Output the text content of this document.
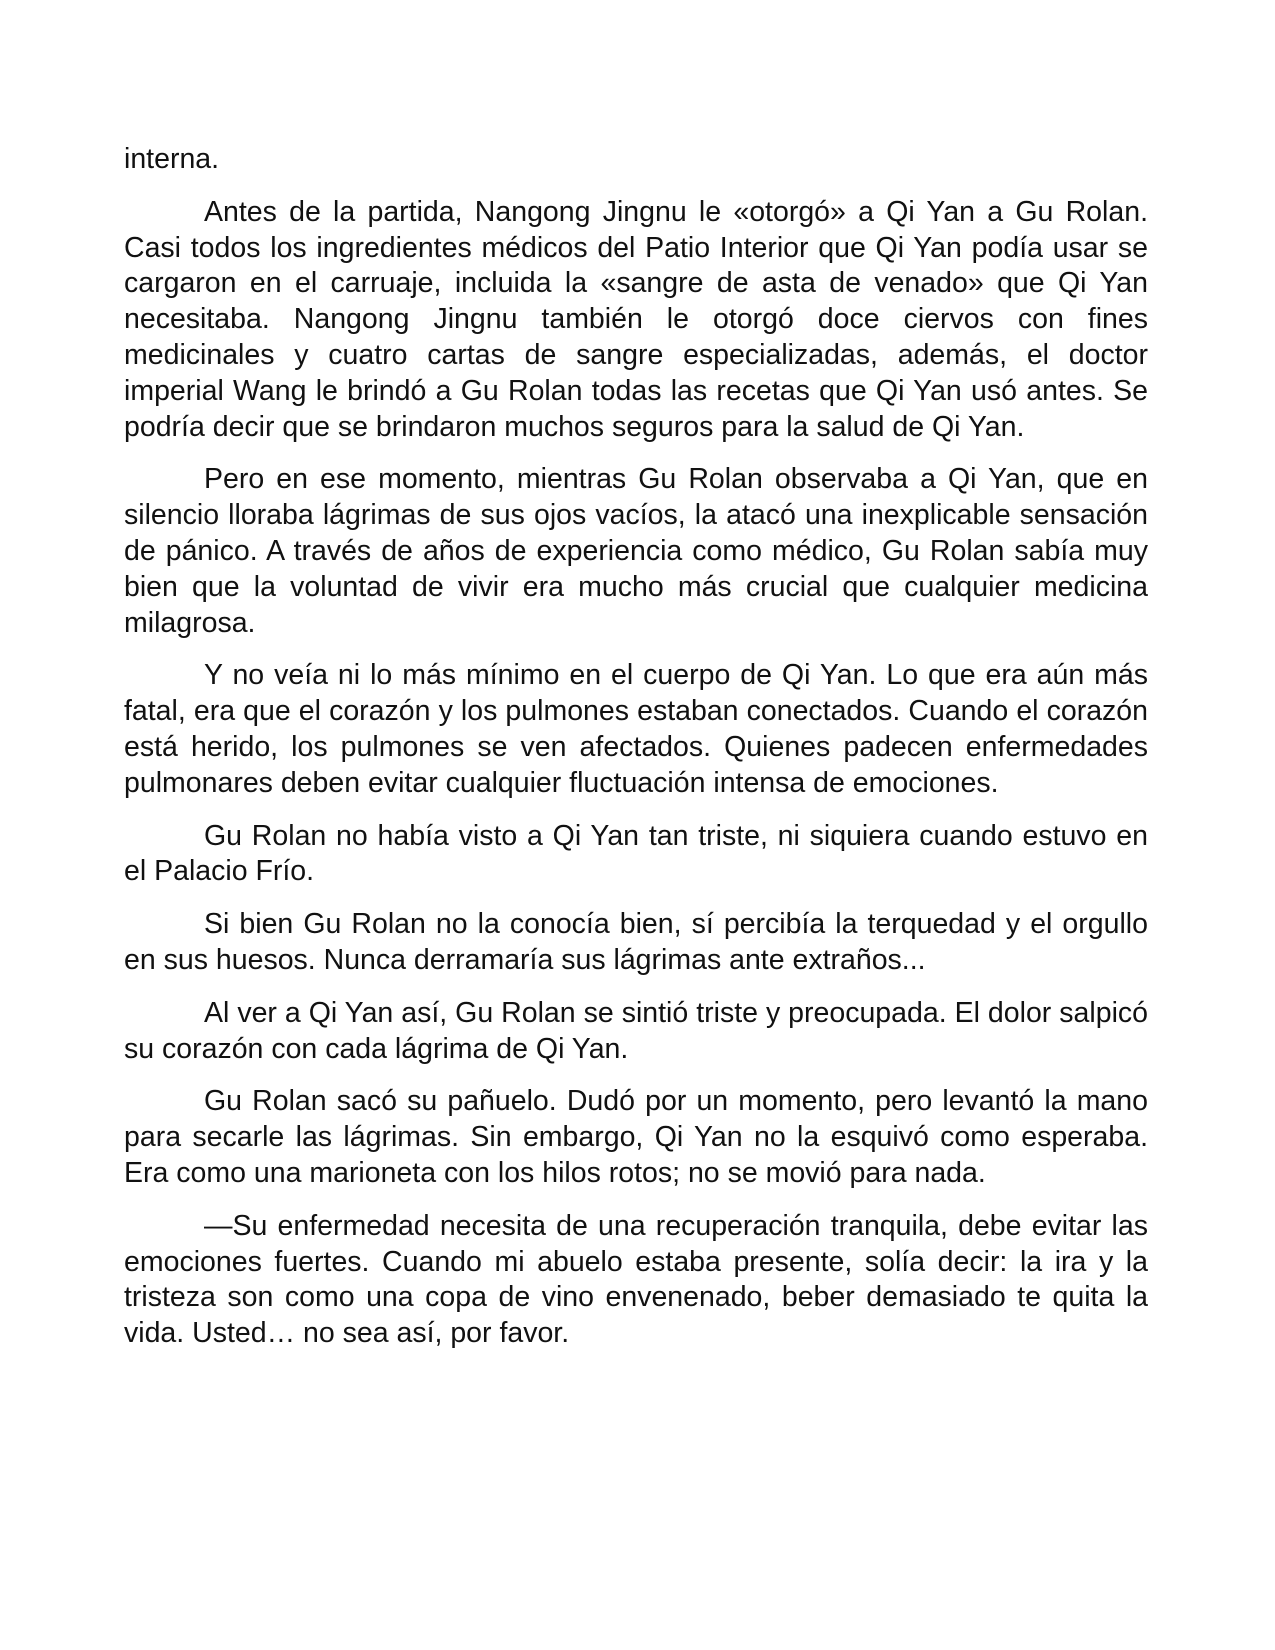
interna.

Antes de la partida, Nangong Jingnu le «otorgó» a Qi Yan a Gu Rolan. Casi todos los ingredientes médicos del Patio Interior que Qi Yan podía usar se cargaron en el carruaje, incluida la «sangre de asta de venado» que Qi Yan necesitaba. Nangong Jingnu también le otorgó doce ciervos con fines medicinales y cuatro cartas de sangre especializadas, además, el doctor imperial Wang le brindó a Gu Rolan todas las recetas que Qi Yan usó antes. Se podría decir que se brindaron muchos seguros para la salud de Qi Yan.

Pero en ese momento, mientras Gu Rolan observaba a Qi Yan, que en silencio lloraba lágrimas de sus ojos vacíos, la atacó una inexplicable sensación de pánico. A través de años de experiencia como médico, Gu Rolan sabía muy bien que la voluntad de vivir era mucho más crucial que cualquier medicina milagrosa.

Y no veía ni lo más mínimo en el cuerpo de Qi Yan. Lo que era aún más fatal, era que el corazón y los pulmones estaban conectados. Cuando el corazón está herido, los pulmones se ven afectados. Quienes padecen enfermedades pulmonares deben evitar cualquier fluctuación intensa de emociones.

Gu Rolan no había visto a Qi Yan tan triste, ni siquiera cuando estuvo en el Palacio Frío.

Si bien Gu Rolan no la conocía bien, sí percibía la terquedad y el orgullo en sus huesos. Nunca derramaría sus lágrimas ante extraños...

Al ver a Qi Yan así, Gu Rolan se sintió triste y preocupada. El dolor salpicó su corazón con cada lágrima de Qi Yan.

Gu Rolan sacó su pañuelo. Dudó por un momento, pero levantó la mano para secarle las lágrimas. Sin embargo, Qi Yan no la esquivó como esperaba. Era como una marioneta con los hilos rotos; no se movió para nada.

—Su enfermedad necesita de una recuperación tranquila, debe evitar las emociones fuertes. Cuando mi abuelo estaba presente, solía decir: la ira y la tristeza son como una copa de vino envenenado, beber demasiado te quita la vida. Usted… no sea así, por favor.
